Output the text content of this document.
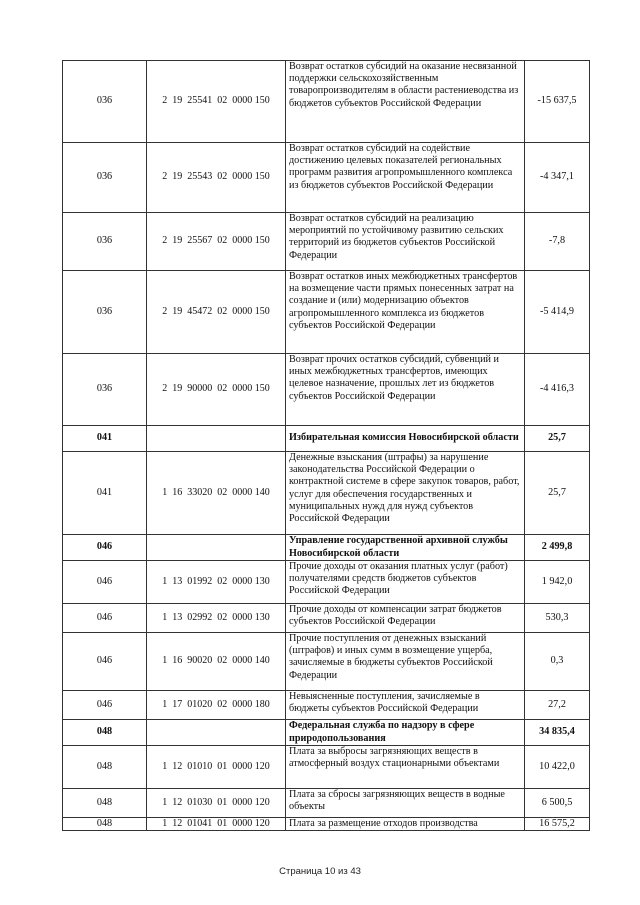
036	2  19  25541  02  0000 150	Возврат остатков субсидий на оказание несвязанной поддержки сельскохозяйственным товаропроизводителям в области растениеводства из бюджетов субъектов Российской Федерации	-15 637,5
036	2  19  25543  02  0000 150	Возврат остатков субсидий на содействие достижению целевых показателей региональных программ развития агропромышленного комплекса из бюджетов субъектов Российской Федерации	-4 347,1
036	2  19  25567  02  0000 150	Возврат остатков субсидий на реализацию мероприятий по устойчивому развитию сельских территорий из бюджетов субъектов Российской Федерации	-7,8
036	2  19  45472  02  0000 150	Возврат остатков иных межбюджетных трансфертов на возмещение части прямых понесенных затрат на создание и (или) модернизацию объектов агропромышленного комплекса из бюджетов субъектов Российской Федерации	-5 414,9
036	2  19  90000  02  0000 150	Возврат прочих остатков субсидий, субвенций и иных межбюджетных трансфертов, имеющих целевое назначение, прошлых лет из бюджетов субъектов Российской Федерации	-4 416,3
041		Избирательная комиссия Новосибирской области	25,7
041	1  16  33020  02  0000 140	Денежные взыскания (штрафы) за нарушение законодательства Российской Федерации о контрактной системе в сфере закупок товаров, работ, услуг для обеспечения государственных и муниципальных нужд для нужд субъектов Российской Федерации	25,7
046		Управление государственной архивной службы Новосибирской области	2 499,8
046	1  13  01992  02  0000 130	Прочие доходы от оказания платных услуг (работ) получателями средств бюджетов субъектов Российской Федерации	1 942,0
046	1  13  02992  02  0000 130	Прочие доходы от компенсации затрат бюджетов субъектов Российской Федерации	530,3
046	1  16  90020  02  0000 140	Прочие поступления от денежных взысканий (штрафов) и иных сумм в возмещение ущерба, зачисляемые в бюджеты субъектов Российской Федерации	0,3
046	1  17  01020  02  0000 180	Невыясненные поступления, зачисляемые в бюджеты субъектов Российской Федерации	27,2
048		Федеральная служба по надзору в сфере природопользования	34 835,4
048	1  12  01010  01  0000 120	Плата за выбросы загрязняющих веществ в атмосферный воздух стационарными объектами	10 422,0
048	1  12  01030  01  0000 120	Плата за сбросы загрязняющих веществ в водные объекты	6 500,5
048	1  12  01041  01  0000 120	Плата за размещение отходов производства	16 575,2
Страница 10 из 43
